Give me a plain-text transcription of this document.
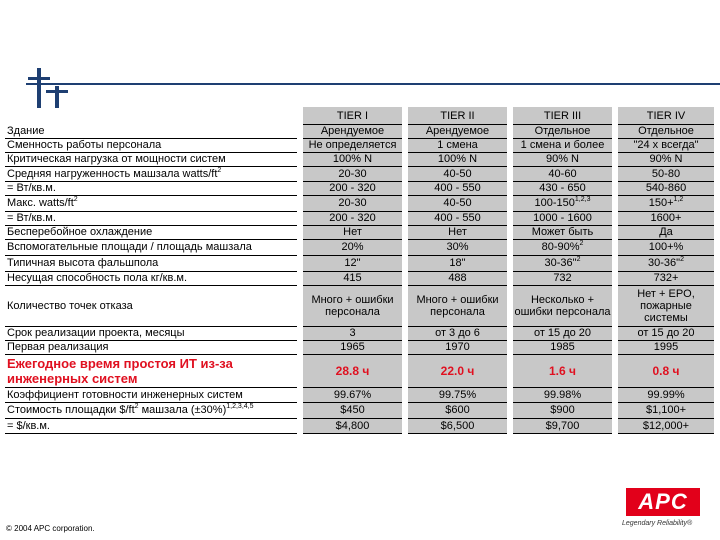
	TIER I	TIER II	TIER III	TIER IV
Здание	Арендуемое	Арендуемое	Отдельное	Отдельное
Сменность работы персонала	Не определяется	1 смена	1 смена и более	"24 х всегда"
Критическая нагрузка от мощности систем	100% N	100% N	90% N	90% N
Средняя нагруженность машзала watts/$ft^2$	20-30	40-50	40-60	50-80
= Вт/кв.м.	200 - 320	400 - 550	430 - 650	540-860
Макс. watts/$ft^2$	20-30	40-50	100-150$^{1,2,3}$	150+$^{1,2}$
= Вт/кв.м.	200 - 320	400 - 550	1000 - 1600	1600+
Бесперебойное охлаждение	Нет	Нет	Может быть	Да
Вспомогательные площади / площадь машзала	20%	30%	80-90%$^2$	100+%
Типичная высота фальшпола	12"	18"	30-36"$^2$	30-36"$^2$
Несущая способность пола кг/кв.м.	415	488	732	732+
Количество точек отказа	Много + ошибки персонала	Много + ошибки персонала	Несколько + ошибки персонала	Нет + EPO, пожарные системы
Срок реализации проекта, месяцы	3	от 3 до 6	от 15 до 20	от 15 до 20
Первая реализация	1965	1970	1985	1995
Ежегодное время простоя ИТ из-за инженерных систем	28.8 ч	22.0 ч	1.6 ч	0.8 ч
Коэффициент готовности инженерных систем	99.67%	99.75%	99.98%	99.99%
Стоимость площадки $\$/ft^2$ машзала $(\pm 30\%)^{1,2,3,4,5}$	$450	$600	$900	$1,100+
= $/кв.м.	$4,800	$6,500	$9,700	$12,000+
© 2004 APC corporation.
APC
Legendary Reliability®
